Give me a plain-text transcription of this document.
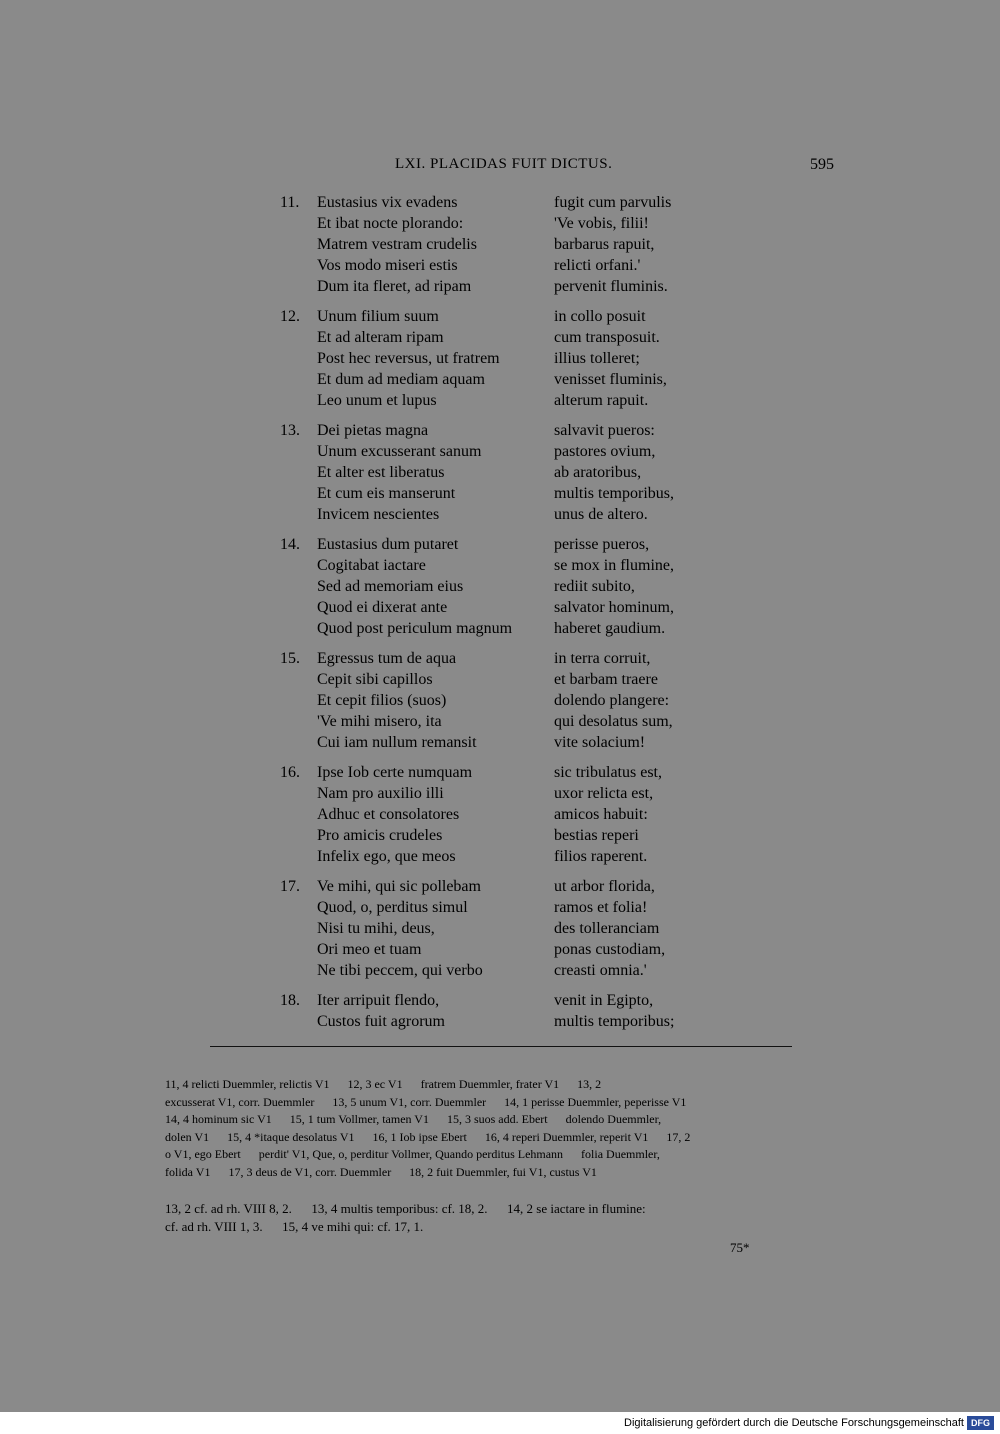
LXI. PLACIDAS FUIT DICTUS.	595
11. Eustasius vix evadens	fugit cum parvulis
Et ibat nocte plorando:	'Ve vobis, filii!
Matrem vestram crudelis	barbarus rapuit,
Vos modo miseri estis	relicti orfani.'
Dum ita fleret, ad ripam	pervenit fluminis.
12. Unum filium suum	in collo posuit
Et ad alteram ripam	cum transposuit.
Post hec reversus, ut fratrem	illius tolleret;
Et dum ad mediam aquam	venisset fluminis,
Leo unum et lupus	alterum rapuit.
13. Dei pietas magna	salvavit pueros:
Unum excusserant sanum	pastores ovium,
Et alter est liberatus	ab aratoribus,
Et cum eis manserunt	multis temporibus,
Invicem nescientes	unus de altero.
14. Eustasius dum putaret	perisse pueros,
Cogitabat iactare	se mox in flumine,
Sed ad memoriam eius	rediit subito,
Quod ei dixerat ante	salvator hominum,
Quod post periculum magnum	haberet gaudium.
15. Egressus tum de aqua	in terra corruit,
Cepit sibi capillos	et barbam traere
Et cepit filios (suos)	dolendo plangere:
'Ve mihi misero, ita	qui desolatus sum,
Cui iam nullum remansit	vite solacium!
16. Ipse Iob certe numquam	sic tribulatus est,
Nam pro auxilio illi	uxor relicta est,
Adhuc et consolatores	amicos habuit:
Pro amicis crudeles	bestias reperi
Infelix ego, que meos	filios raperent.
17. Ve mihi, qui sic pollebam	ut arbor florida,
Quod, o, perditus simul	ramos et folia!
Nisi tu mihi, deus,	des tolleranciam
Ori meo et tuam	ponas custodiam,
Ne tibi peccem, qui verbo	creasti omnia.'
18. Iter arripuit flendo,	venit in Egipto,
Custos fuit agrorum	multis temporibus;

11, 4 relicti Duemmler, relictis V1      12, 3 ec V1      fratrem Duemmler, frater V1      13, 2

excusserat V1, corr. Duemmler      13, 5 unum V1, corr. Duemmler      14, 1 perisse Duemmler, peperisse V1

14, 4 hominum sic V1      15, 1 tum Vollmer, tamen V1      15, 3 suos add. Ebert      dolendo Duemmler,

dolen V1      15, 4 *itaque desolatus V1      16, 1 Iob ipse Ebert      16, 4 reperi Duemmler, reperit V1      17, 2

o V1, ego Ebert      perdit' V1, Que, o, perditur Vollmer, Quando perditus Lehmann      folia Duemmler,

folida V1      17, 3 deus de V1, corr. Duemmler      18, 2 fuit Duemmler, fui V1, custus V1

13, 2 cf. ad rh. VIII 8, 2.      13, 4 multis temporibus: cf. 18, 2.      14, 2 se iactare in flumine:

cf. ad rh. VIII 1, 3.      15, 4 ve mihi qui: cf. 17, 1.

75*
Digitalisierung gefördert durch die Deutsche Forschungsgemeinschaft DFG
